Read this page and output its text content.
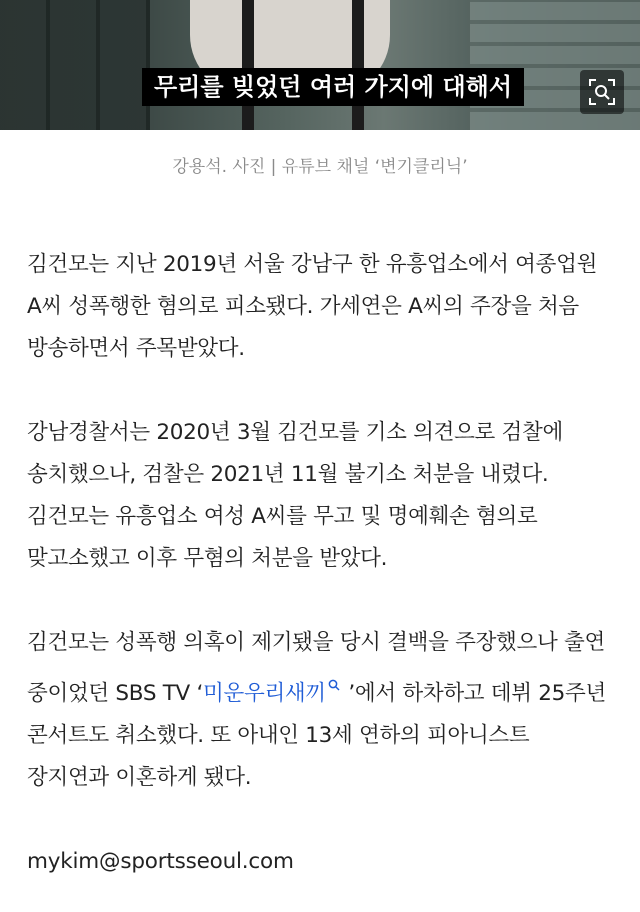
무리를 빚었던 여러 가지에 대해서
강용석. 사진 | 유튜브 채널 ‘변기클리닉’

김건모는 지난 2019년 서울 강남구 한 유흥업소에서 여종업원 A씨 성폭행한 혐의로 피소됐다. 가세연은 A씨의 주장을 처음 방송하면서 주목받았다.

강남경찰서는 2020년 3월 김건모를 기소 의견으로 검찰에 송치했으나, 검찰은 2021년 11월 불기소 처분을 내렸다. 김건모는 유흥업소 여성 A씨를 무고 및 명예훼손 혐의로 맞고소했고 이후 무혐의 처분을 받았다.

김건모는 성폭행 의혹이 제기됐을 당시 결백을 주장했으나 출연 중이었던 SBS TV ‘미운우리새끼 ’에서 하차하고 데뷔 25주년 콘서트도 취소했다. 또 아내인 13세 연하의 피아니스트 장지연과 이혼하게 됐다.

mykim@sportsseoul.com
